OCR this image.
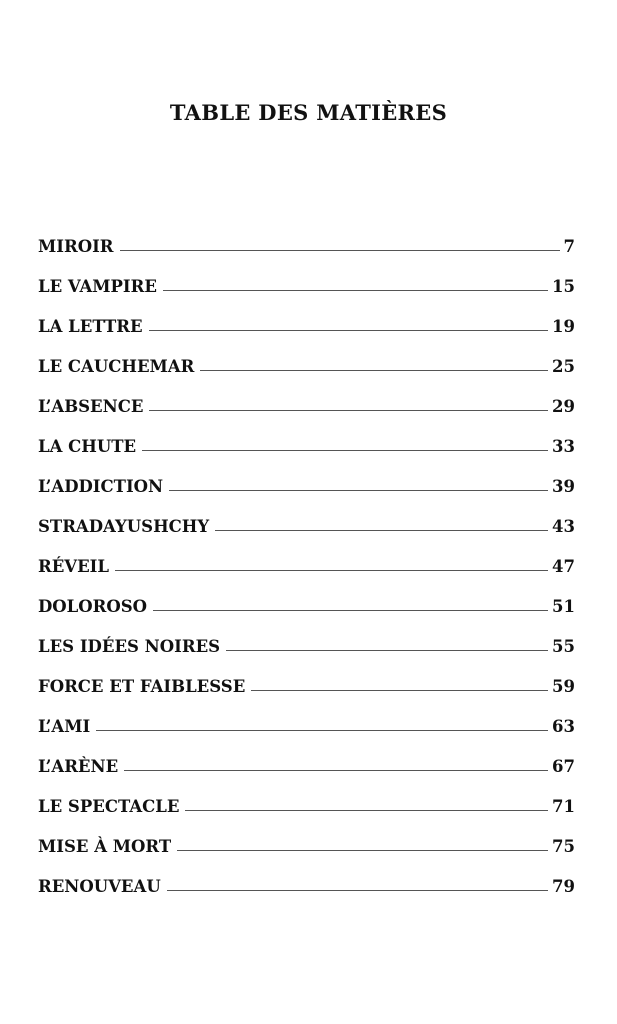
TABLE DES MATIÈRES
MIROIR	7
LE VAMPIRE	15
LA LETTRE	19
LE CAUCHEMAR	25
L’ABSENCE	29
LA CHUTE	33
L’ADDICTION	39
STRADAYUSHCHY	43
RÉVEIL	47
DOLOROSO	51
LES IDÉES NOIRES	55
FORCE ET FAIBLESSE	59
L’AMI	63
L’ARÈNE	67
LE SPECTACLE	71
MISE À MORT	75
RENOUVEAU	79
